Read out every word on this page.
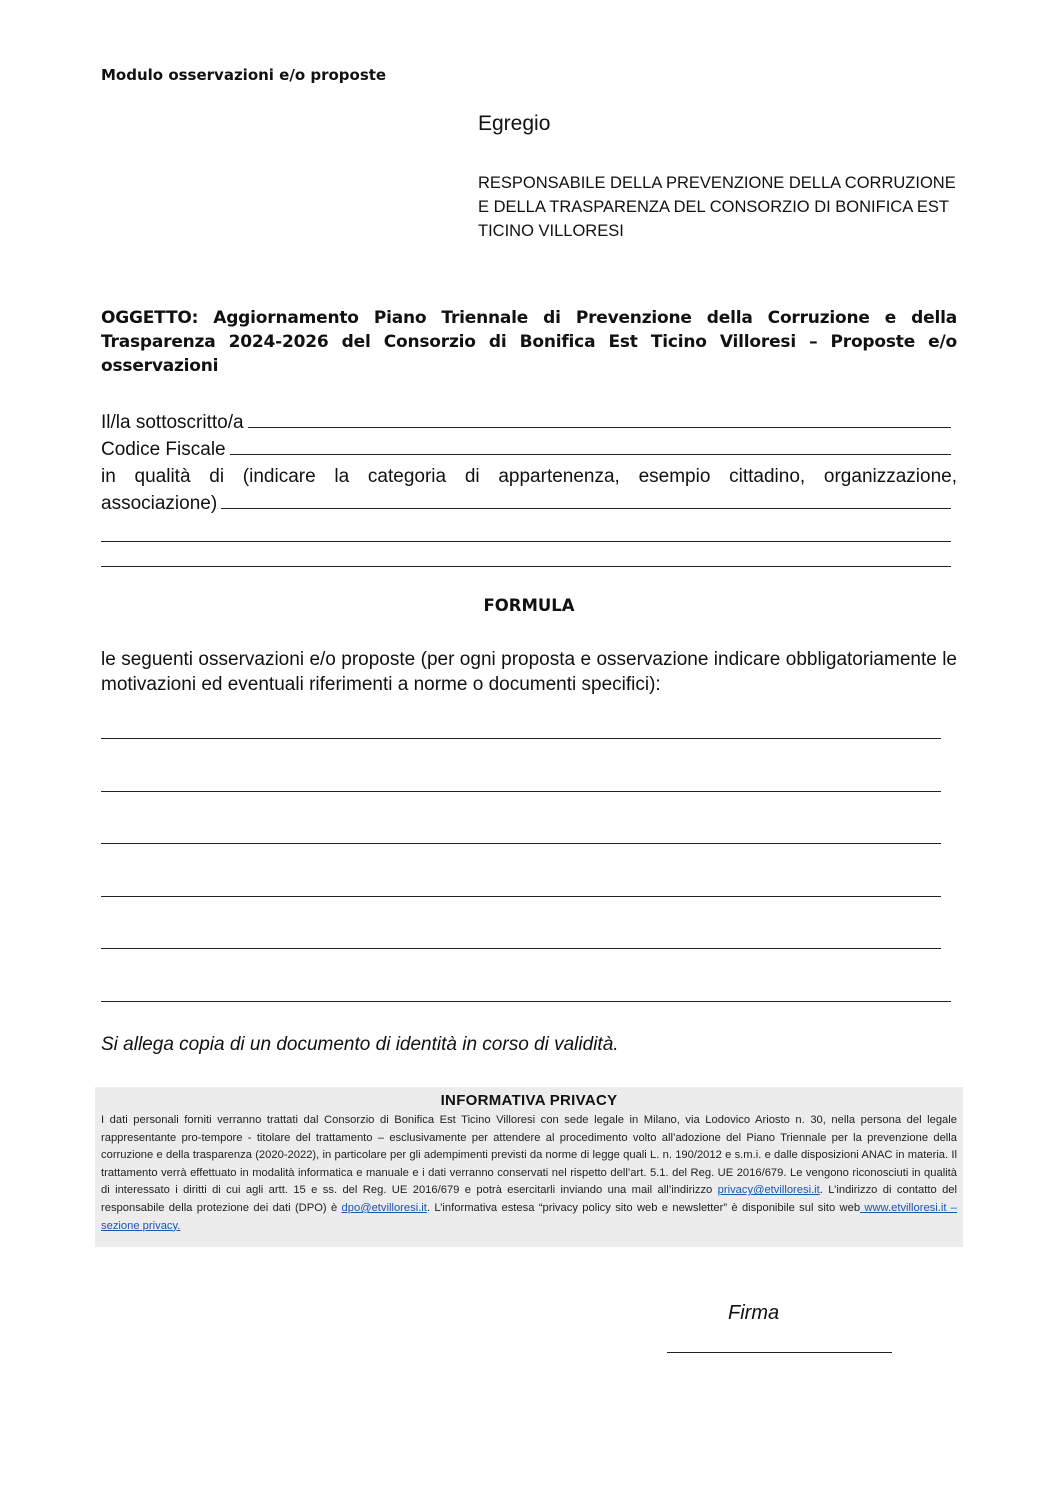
Modulo osservazioni e/o proposte
Egregio
RESPONSABILE DELLA PREVENZIONE DELLA CORRUZIONE
E DELLA TRASPARENZA DEL CONSORZIO DI BONIFICA EST
TICINO VILLORESI
OGGETTO: Aggiornamento Piano Triennale di Prevenzione della Corruzione e della Trasparenza 2024-2026 del Consorzio di Bonifica Est Ticino Villoresi – Proposte e/o osservazioni
Il/la sottoscritto/a
Codice Fiscale
in qualità di (indicare la categoria di appartenenza, esempio cittadino, organizzazione,
associazione)
FORMULA
le seguenti osservazioni e/o proposte (per ogni proposta e osservazione indicare obbligatoriamente le motivazioni ed eventuali riferimenti a norme o documenti specifici):
Si allega copia di un documento di identità in corso di validità.
INFORMATIVA PRIVACY
I dati personali forniti verranno trattati dal Consorzio di Bonifica Est Ticino Villoresi con sede legale in Milano, via Lodovico Ariosto n. 30, nella persona del legale rappresentante pro-tempore - titolare del trattamento – esclusivamente per attendere al procedimento volto all’adozione del Piano Triennale per la prevenzione della corruzione e della trasparenza (2020-2022), in particolare per gli adempimenti previsti da norme di legge quali L. n. 190/2012 e s.m.i. e dalle disposizioni ANAC in materia. Il trattamento verrà effettuato in modalità informatica e manuale e i dati verranno conservati nel rispetto dell’art. 5.1. del Reg. UE 2016/679. Le vengono riconosciuti in qualità di interessato i diritti di cui agli artt. 15 e ss. del Reg. UE 2016/679 e potrà esercitarli inviando una mail all’indirizzo privacy@etvilloresi.it. L’indirizzo di contatto del responsabile della protezione dei dati (DPO) è dpo@etvilloresi.it. L’informativa estesa “privacy policy sito web e newsletter” è disponibile sul sito web www.etvilloresi.it – sezione privacy.
Firma
